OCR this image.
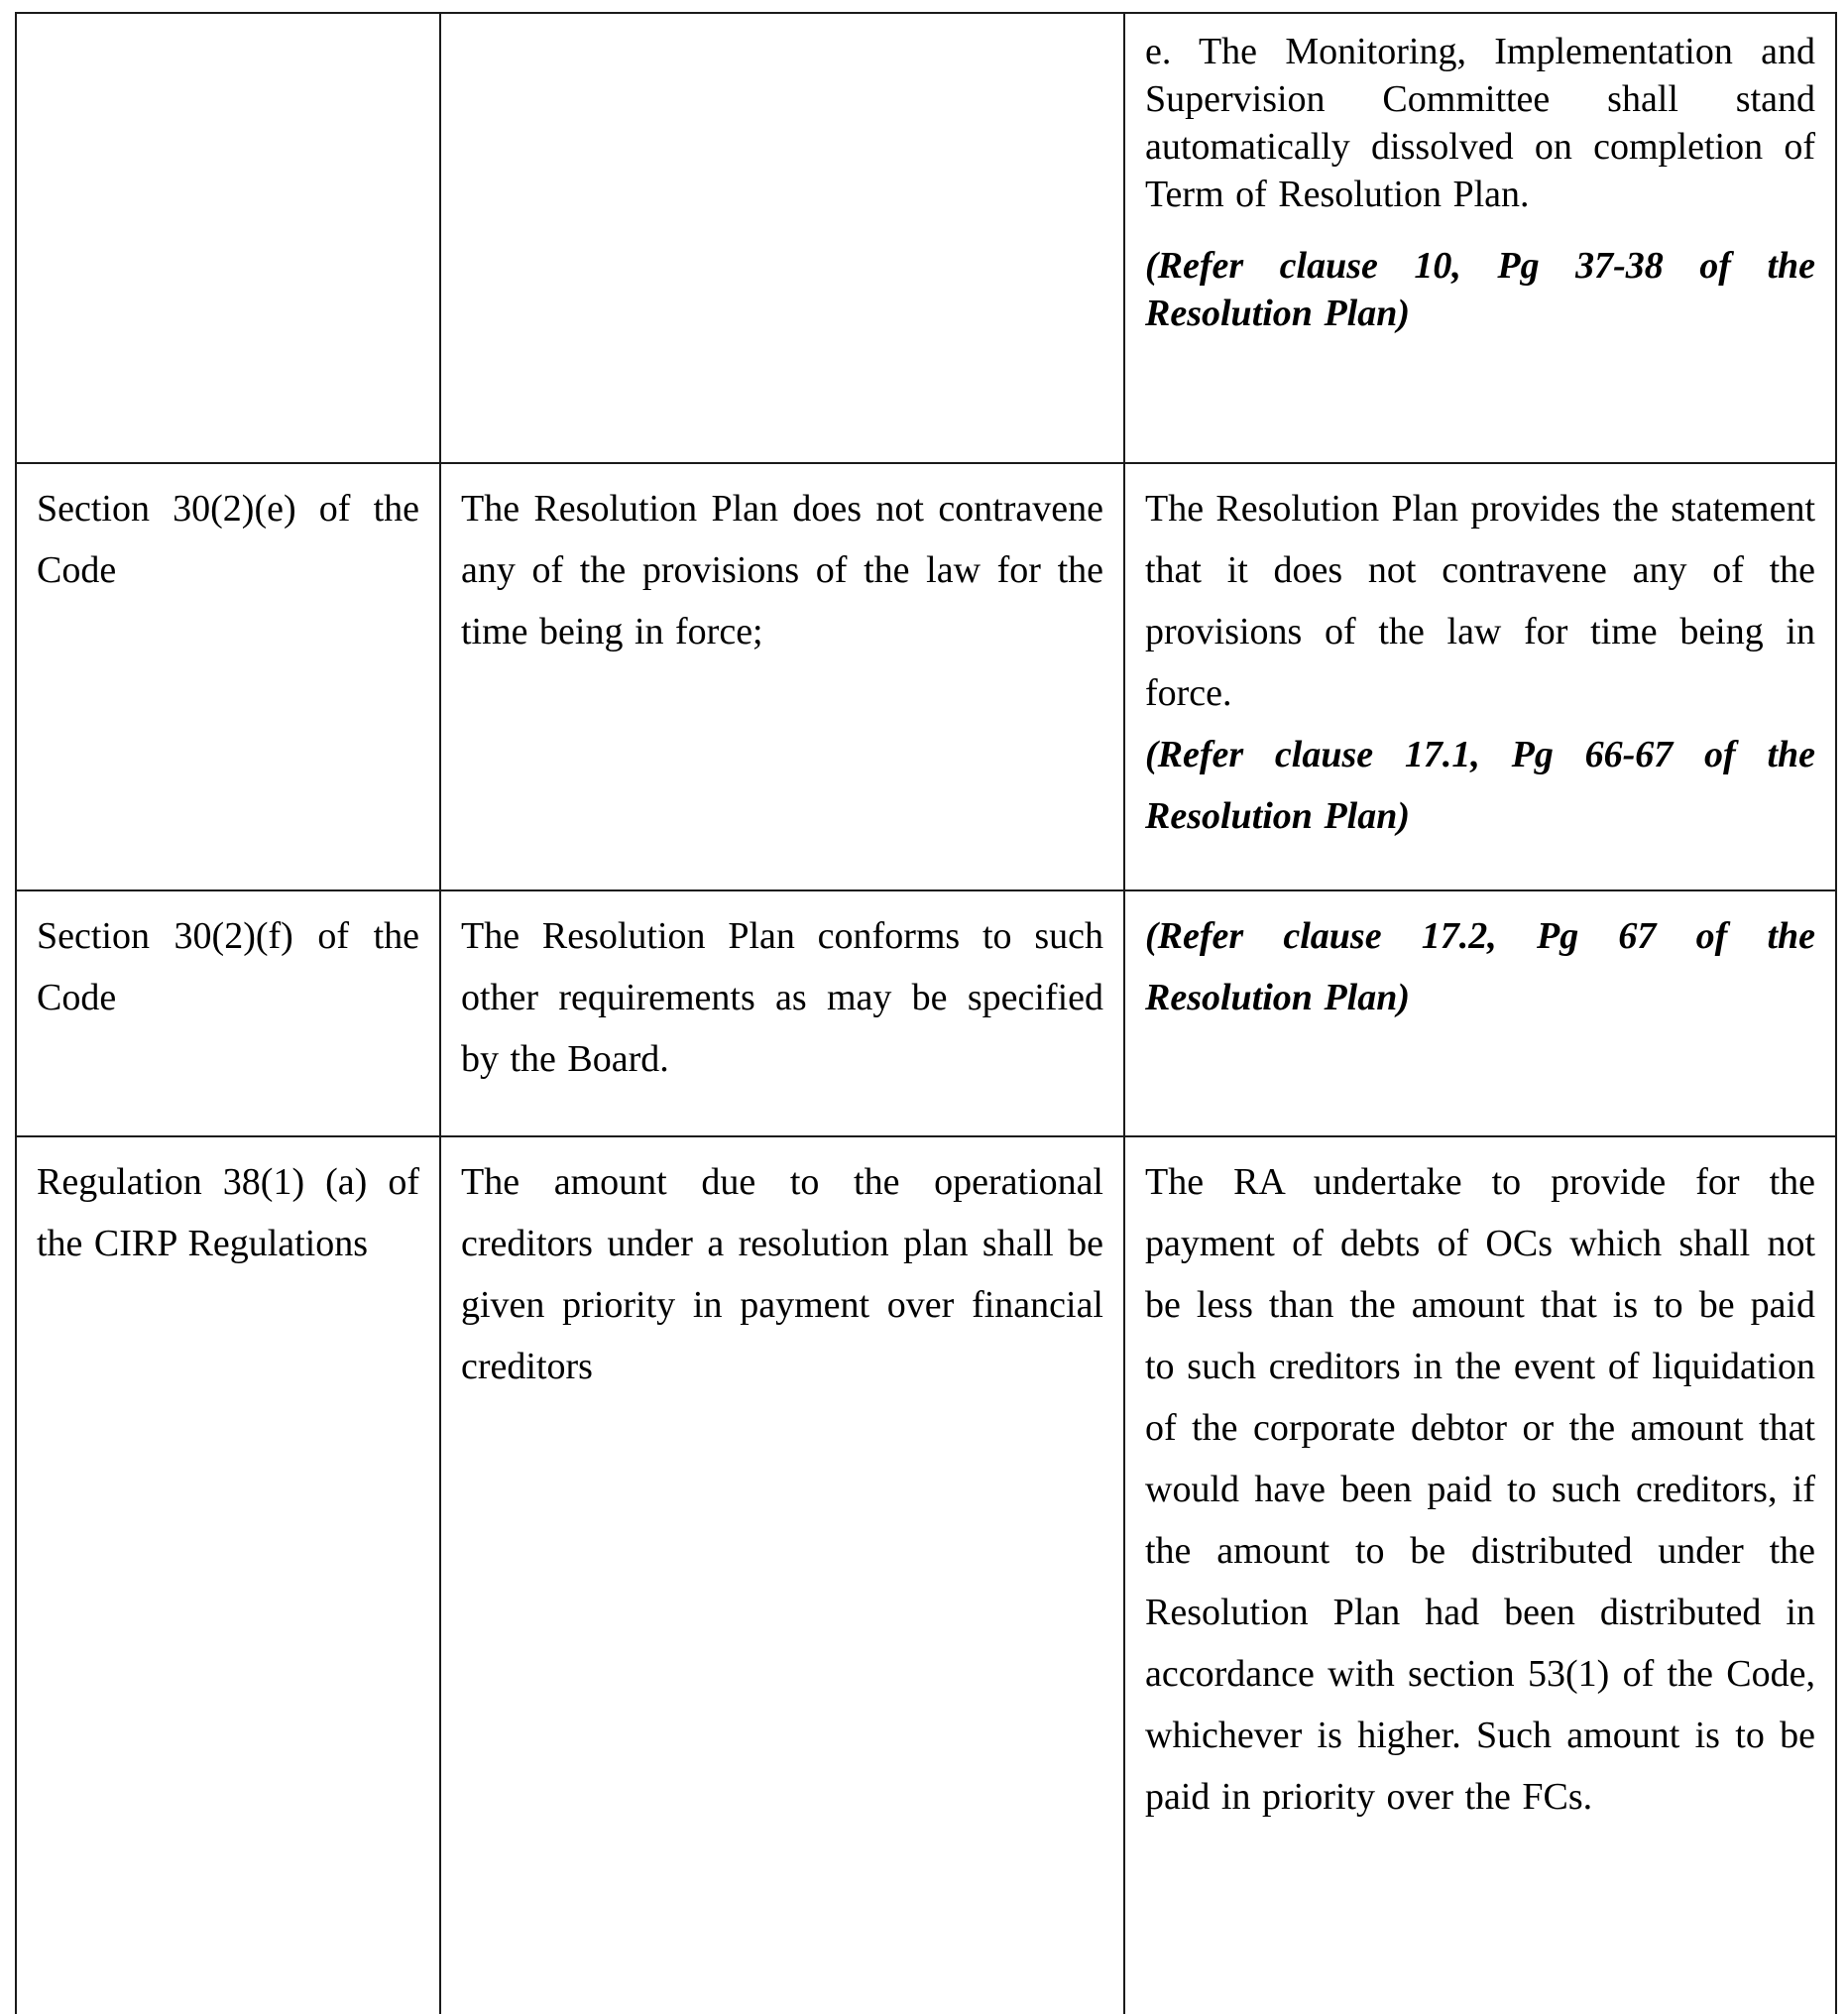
		e. The Monitoring, Implementation and Supervision Committee shall stand automatically dissolved on completion of Term of Resolution Plan.
(Refer clause 10, Pg 37-38 of the Resolution Plan)

Section 30(2)(e) of the Code	The Resolution Plan does not contravene any of the provisions of the law for the time being in force;	The Resolution Plan provides the statement that it does not contravene any of the provisions of the law for time being in force.
(Refer clause 17.1, Pg 66-67 of the Resolution Plan)

Section 30(2)(f) of the Code	The Resolution Plan conforms to such other requirements as may be specified by the Board.	(Refer clause 17.2, Pg 67 of the Resolution Plan)

Regulation 38(1) (a) of the CIRP Regulations	The amount due to the operational creditors under a resolution plan shall be given priority in payment over financial creditors	The RA undertake to provide for the payment of debts of OCs which shall not be less than the amount that is to be paid to such creditors in the event of liquidation of the corporate debtor or the amount that would have been paid to such creditors, if the amount to be distributed under the Resolution Plan had been distributed in accordance with section 53(1) of the Code, whichever is higher. Such amount is to be paid in priority over the FCs.
